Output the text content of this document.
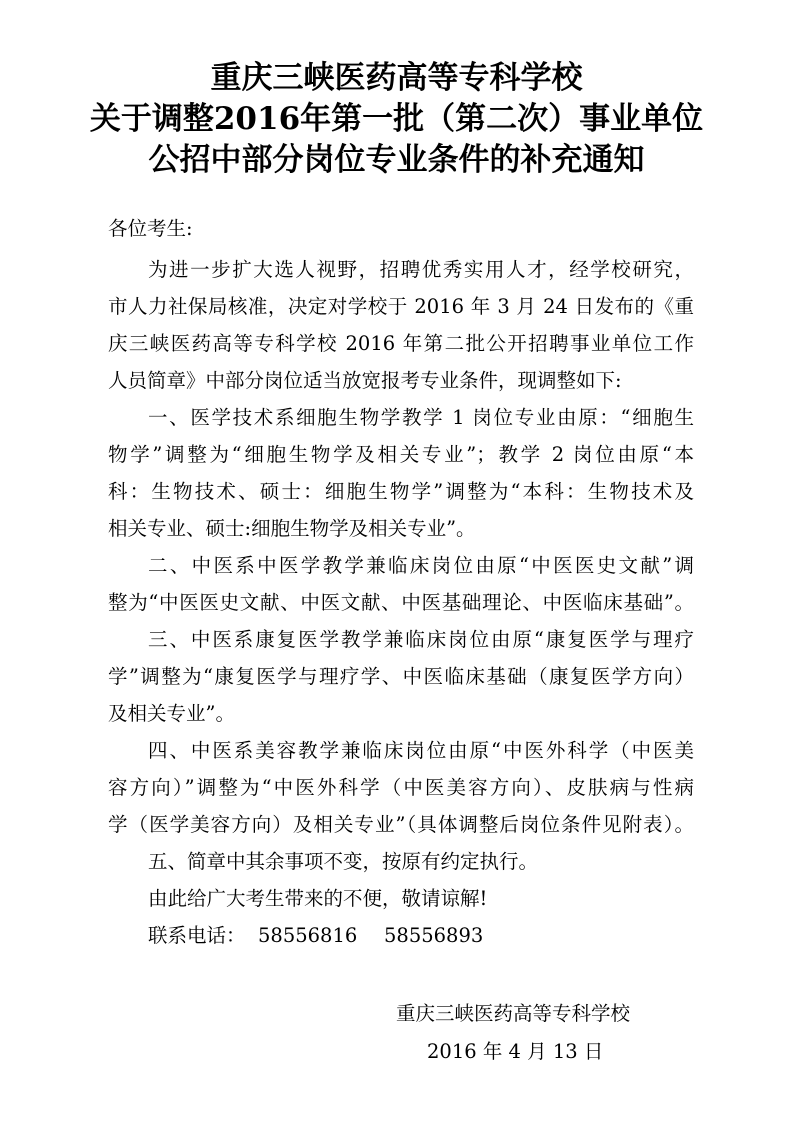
重庆三峡医药高等专科学校
关于调整2016年第一批（第二次）事业单位
公招中部分岗位专业条件的补充通知
各位考生:
为进一步扩大选人视野，招聘优秀实用人才，经学校研究，
市人力社保局核准，决定对学校于 2016 年 3 月 24 日发布的《重
庆三峡医药高等专科学校 2016 年第二批公开招聘事业单位工作
人员简章》中部分岗位适当放宽报考专业条件，现调整如下:
一、医学技术系细胞生物学教学 1 岗位专业由原：“细胞生
物学”调整为“细胞生物学及相关专业”；教学 2 岗位由原“本
科：生物技术、硕士：细胞生物学”调整为“本科：生物技术及
相关专业、硕士:细胞生物学及相关专业”。
二、中医系中医学教学兼临床岗位由原“中医医史文献”调
整为“中医医史文献、中医文献、中医基础理论、中医临床基础”。
三、中医系康复医学教学兼临床岗位由原“康复医学与理疗
学”调整为“康复医学与理疗学、中医临床基础（康复医学方向）
及相关专业”。
四、中医系美容教学兼临床岗位由原“中医外科学（中医美
容方向）”调整为“中医外科学（中医美容方向）、皮肤病与性病
学（医学美容方向）及相关专业”（具体调整后岗位条件见附表）。
五、简章中其余事项不变，按原有约定执行。
由此给广大考生带来的不便，敬请谅解!
联系电话： 58556816 58556893
重庆三峡医药高等专科学校
2016 年 4 月 13 日
